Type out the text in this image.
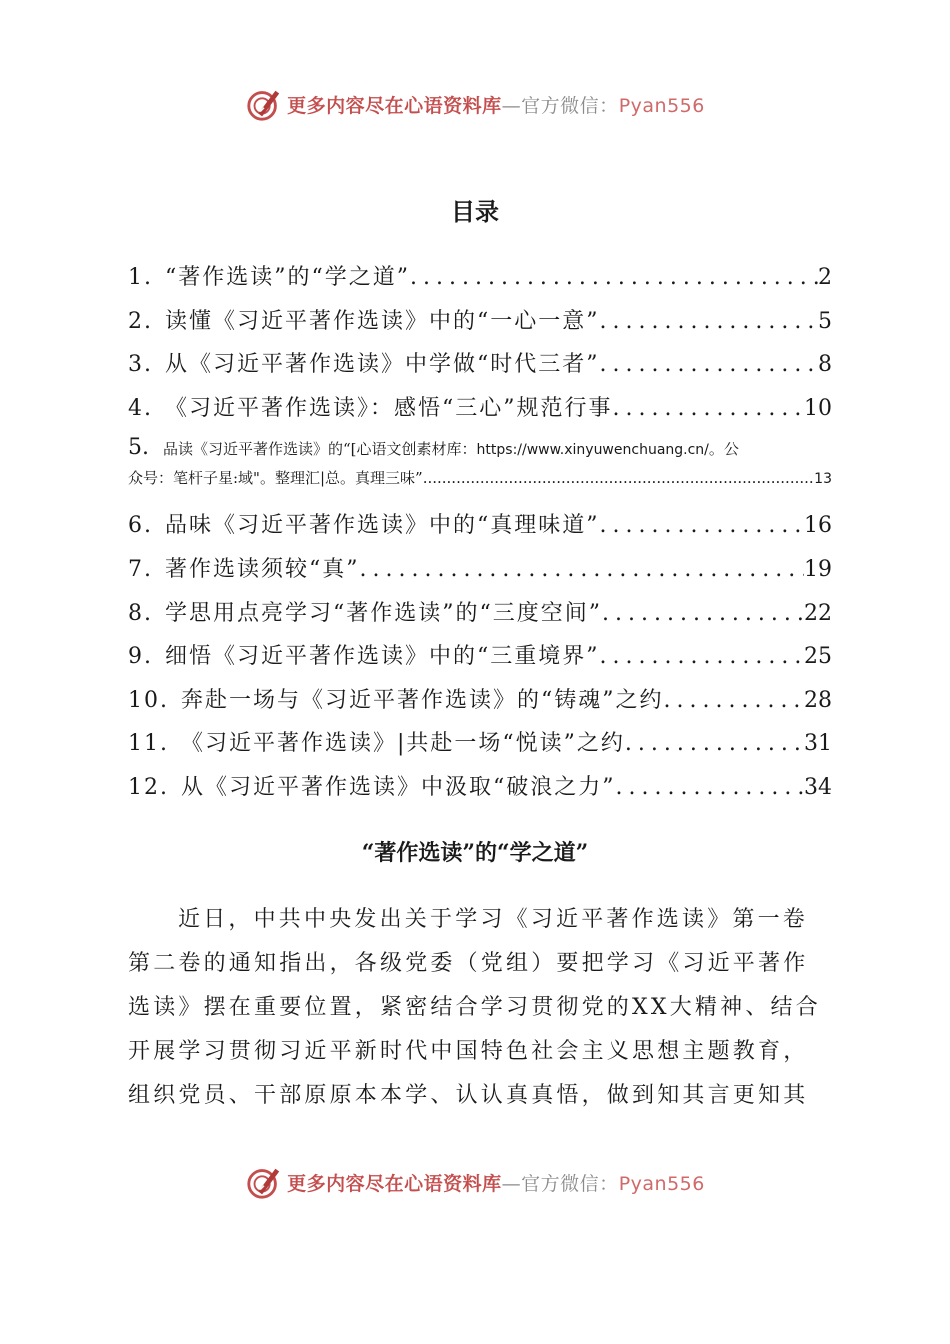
更多内容尽在心语资料库—官方微信：Pyan556
目录
1. “著作选读”的“学之道” .....	2
2. 读懂《习近平著作选读》中的“一心一意” .....	5
3. 从《习近平著作选读》中学做“时代三者” .....	8
4. 《习近平著作选读》：感悟“三心”规范行事 .....	10
5. 品读《习近平著作选读》的“[心语文创素材库： https://www.xinyuwenchuang.cn/ 。公
众号：笔杆子星:域"。整理汇|总。真理三味” .....	13
6. 品味《习近平著作选读》中的“真理味道” .....	16
7. 著作选读须较“真” .....	19
8. 学思用点亮学习“著作选读”的“三度空间” .....	22
9. 细悟《习近平著作选读》中的“三重境界” .....	25
10. 奔赴一场与《习近平著作选读》的“铸魂”之约 .....	28
11. 《习近平著作选读》|共赴一场“悦读”之约 .....	31
12. 从《习近平著作选读》中汲取“破浪之力” .....	34
“著作选读”的“学之道”
近日，中共中央发出关于学习《习近平著作选读》第一卷
第二卷的通知指出，各级党委（党组）要把学习《习近平著作
选读》摆在重要位置，紧密结合学习贯彻党的XX大精神、结合
开展学习贯彻习近平新时代中国特色社会主义思想主题教育，
组织党员、干部原原本本学、认认真真悟，做到知其言更知其
更多内容尽在心语资料库—官方微信：Pyan556
